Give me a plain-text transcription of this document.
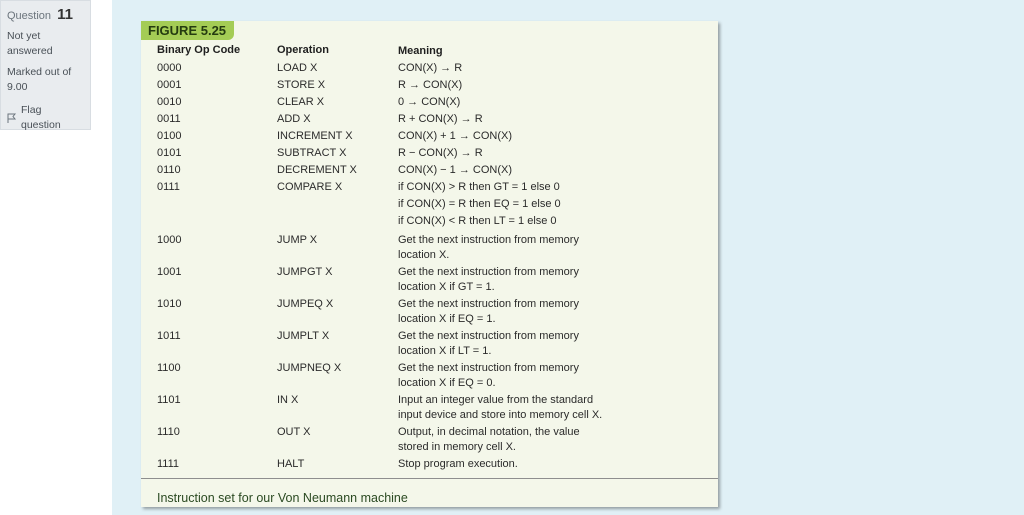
Question 11
Not yet answered
Marked out of
9.00
Flag question
FIGURE 5.25
Binary Op Code	Operation	Meaning
0000	LOAD X	CON(X) → R
0001	STORE X	R → CON(X)
0010	CLEAR X	0 → CON(X)
0011	ADD X	R + CON(X) → R
0100	INCREMENT X	CON(X) + 1 → CON(X)
0101	SUBTRACT X	R − CON(X) → R
0110	DECREMENT X	CON(X) − 1 → CON(X)
0111	COMPARE X	if CON(X) > R then GT = 1 else 0
if CON(X) = R then EQ = 1 else 0
if CON(X) < R then LT = 1 else 0
1000	JUMP X	Get the next instruction from memory
location X.
1001	JUMPGT X	Get the next instruction from memory
location X if GT = 1.
1010	JUMPEQ X	Get the next instruction from memory
location X if EQ = 1.
1011	JUMPLT X	Get the next instruction from memory
location X if LT = 1.
1100	JUMPNEQ X	Get the next instruction from memory
location X if EQ = 0.
1101	IN X	Input an integer value from the standard
input device and store into memory cell X.
1110	OUT X	Output, in decimal notation, the value
stored in memory cell X.
1111	HALT	Stop program execution.
Instruction set for our Von Neumann machine
